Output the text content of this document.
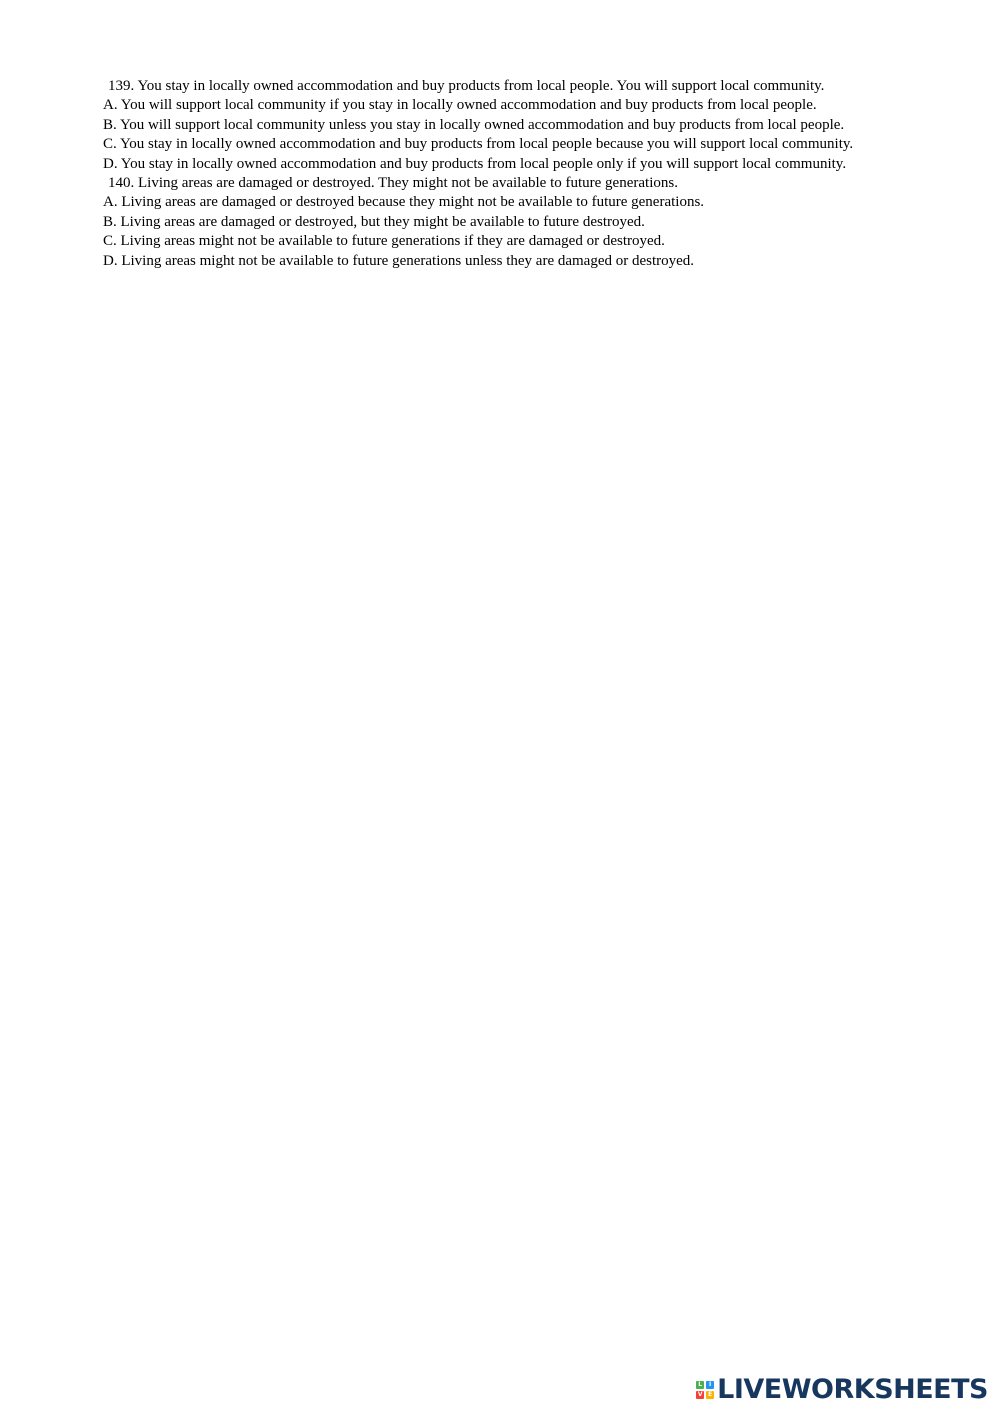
139. You stay in locally owned accommodation and buy products from local people. You will support local community.
A. You will support local community if you stay in locally owned accommodation and buy products from local people.
B. You will support local community unless you stay in locally owned accommodation and buy products from local people.
C. You stay in locally owned accommodation and buy products from local people because you will support local community.
D. You stay in locally owned accommodation and buy products from local people only if you will support local community.
140. Living areas are damaged or destroyed. They might not be available to future generations.
A. Living areas are damaged or destroyed because they might not be available to future generations.
B. Living areas are damaged or destroyed, but they might be available to future destroyed.
C. Living areas might not be available to future generations if they are damaged or destroyed.
D. Living areas might not be available to future generations unless they are damaged or destroyed.
L	I
V E LIVEWORKSHEETS
